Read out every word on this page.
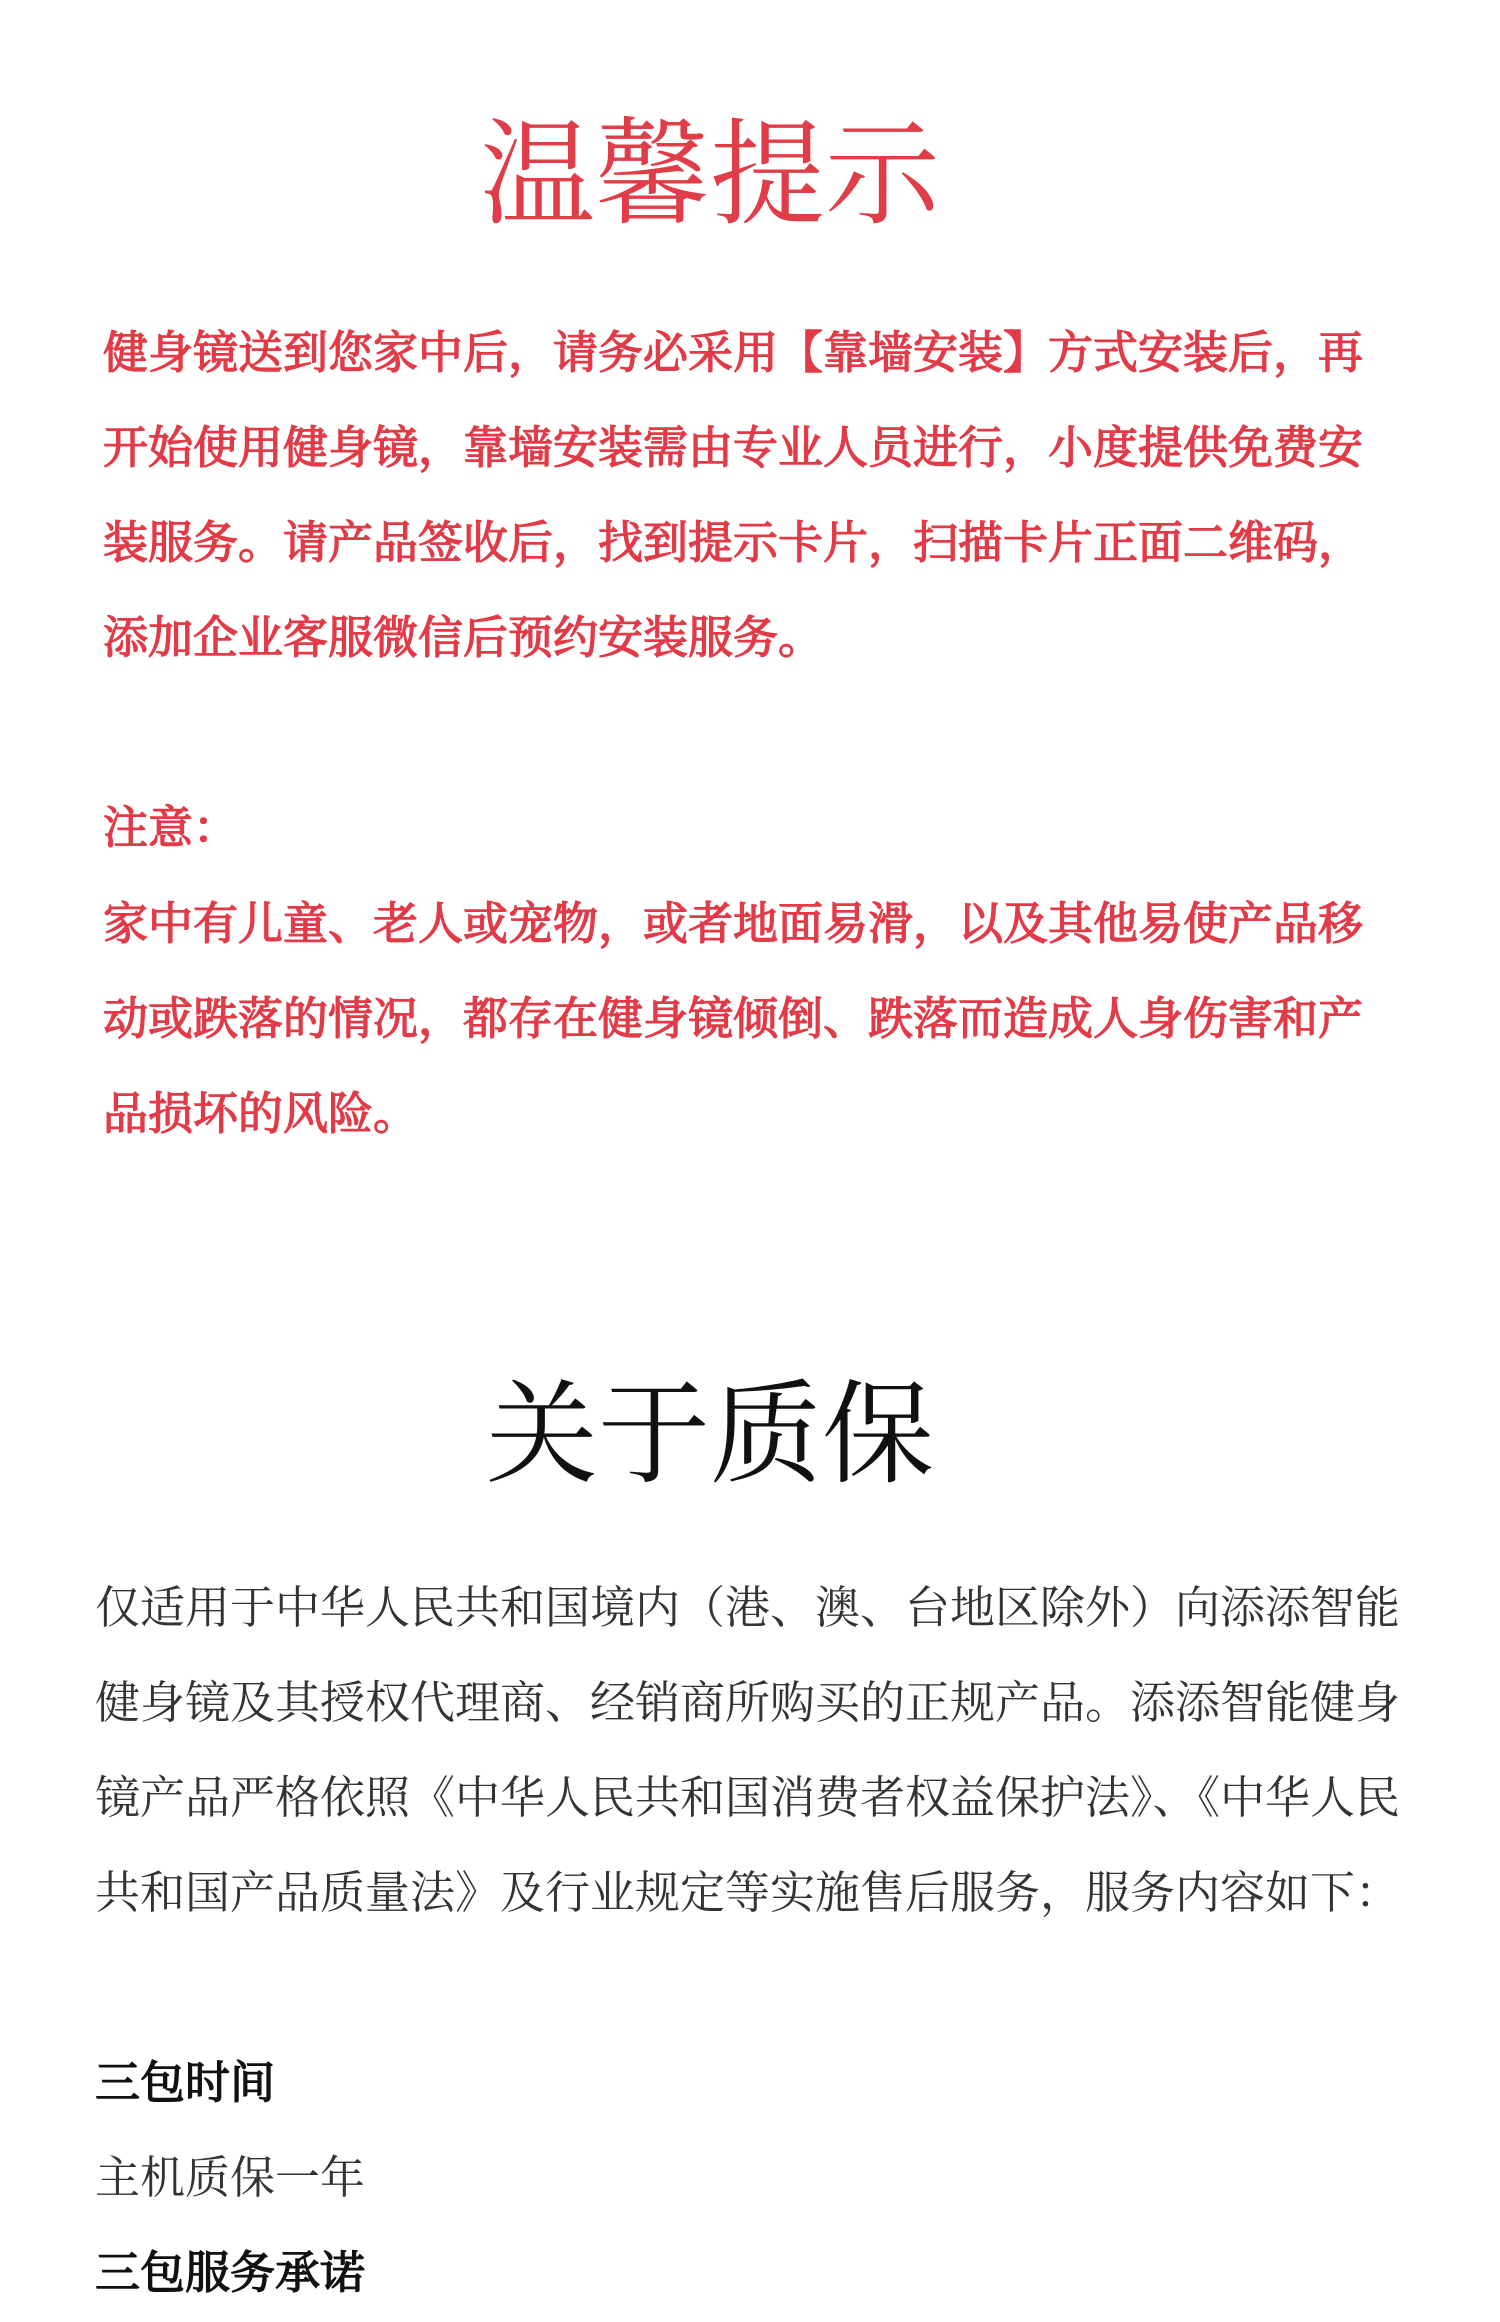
温馨提示

健身镜送到您家中后，请务必采用【靠墙安装】方式安装后，再开始使用健身镜，靠墙安装需由专业人员进行，小度提供免费安装服务。请产品签收后，找到提示卡片，扫描卡片正面二维码，添加企业客服微信后预约安装服务。

注意：

家中有儿童、老人或宠物，或者地面易滑，以及其他易使产品移动或跌落的情况，都存在健身镜倾倒、跌落而造成人身伤害和产品损坏的风险。

关于质保

仅适用于中华人民共和国境内（港、澳、台地区除外）向添添智能健身镜及其授权代理商、经销商所购买的正规产品。添添智能健身镜产品严格依照《中华人民共和国消费者权益保护法》、《中华人民共和国产品质量法》及行业规定等实施售后服务，服务内容如下：

三包时间

主机质保一年

三包服务承诺
